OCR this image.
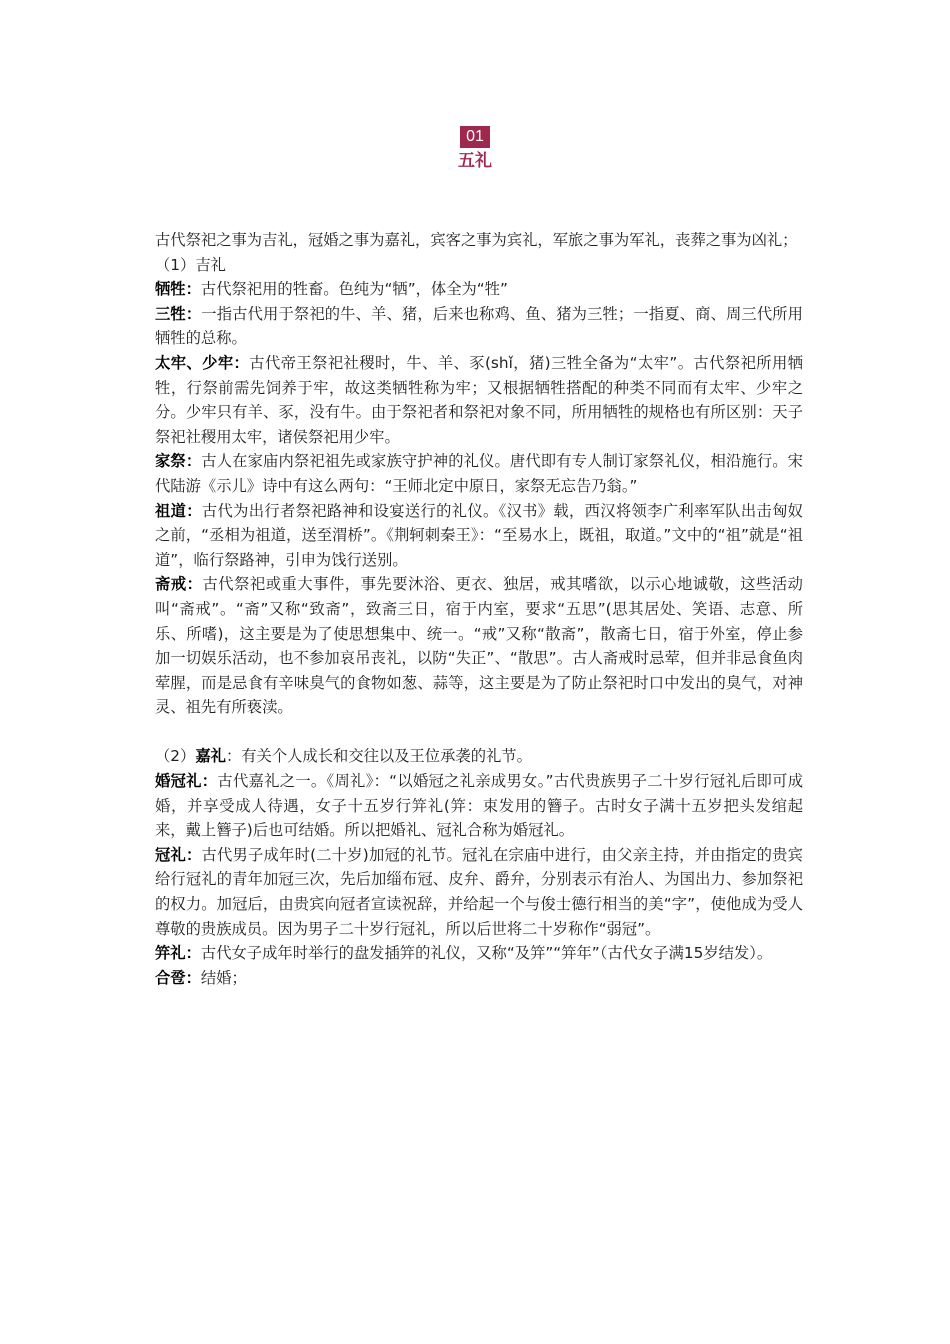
01
五礼

古代祭祀之事为吉礼，冠婚之事为嘉礼，宾客之事为宾礼，军旅之事为军礼，丧葬之事为凶礼；

（1）吉礼

牺牲：古代祭祀用的牲畜。色纯为“牺”，体全为“牲”

三牲：一指古代用于祭祀的牛、羊、猪，后来也称鸡、鱼、猪为三牲；一指夏、商、周三代所用牺牲的总称。

太牢、少牢：古代帝王祭祀社稷时，牛、羊、豕(shǐ，猪)三牲全备为“太牢”。古代祭祀所用牺牲，行祭前需先饲养于牢，故这类牺牲称为牢；又根据牺牲搭配的种类不同而有太牢、少牢之分。少牢只有羊、豕，没有牛。由于祭祀者和祭祀对象不同，所用牺牲的规格也有所区别：天子祭祀社稷用太牢，诸侯祭祀用少牢。

家祭：古人在家庙内祭祀祖先或家族守护神的礼仪。唐代即有专人制订家祭礼仪，相沿施行。宋代陆游《示儿》诗中有这么两句：“王师北定中原日，家祭无忘告乃翁。”

祖道：古代为出行者祭祀路神和设宴送行的礼仪。《汉书》载，西汉将领李广利率军队出击匈奴之前，“丞相为祖道，送至渭桥”。《荆轲刺秦王》：“至易水上，既祖，取道。”文中的“祖”就是“祖道”，临行祭路神，引申为饯行送别。

斋戒：古代祭祀或重大事件，事先要沐浴、更衣、独居，戒其嗜欲，以示心地诚敬，这些活动叫“斋戒”。“斋”又称“致斋”，致斋三日，宿于内室，要求“五思”(思其居处、笑语、志意、所乐、所嗜)，这主要是为了使思想集中、统一。“戒”又称“散斋”，散斋七日，宿于外室，停止参加一切娱乐活动，也不参加哀吊丧礼，以防“失正”、“散思”。古人斋戒时忌荤，但并非忌食鱼肉荤腥，而是忌食有辛味臭气的食物如葱、蒜等，这主要是为了防止祭祀时口中发出的臭气，对神灵、祖先有所亵渎。

（2）嘉礼：有关个人成长和交往以及王位承袭的礼节。

婚冠礼：古代嘉礼之一。《周礼》：“以婚冠之礼亲成男女。”古代贵族男子二十岁行冠礼后即可成婚，并享受成人待遇，女子十五岁行笄礼(笄：束发用的簪子。古时女子满十五岁把头发绾起来，戴上簪子)后也可结婚。所以把婚礼、冠礼合称为婚冠礼。

冠礼：古代男子成年时(二十岁)加冠的礼节。冠礼在宗庙中进行，由父亲主持，并由指定的贵宾给行冠礼的青年加冠三次，先后加缁布冠、皮弁、爵弁，分别表示有治人、为国出力、参加祭祀的权力。加冠后，由贵宾向冠者宣读祝辞，并给起一个与俊士德行相当的美“字”，使他成为受人尊敬的贵族成员。因为男子二十岁行冠礼，所以后世将二十岁称作“弱冠”。

笄礼：古代女子成年时举行的盘发插笄的礼仪，又称“及笄”“笄年”（古代女子满15岁结发）。

合卺：结婚；
